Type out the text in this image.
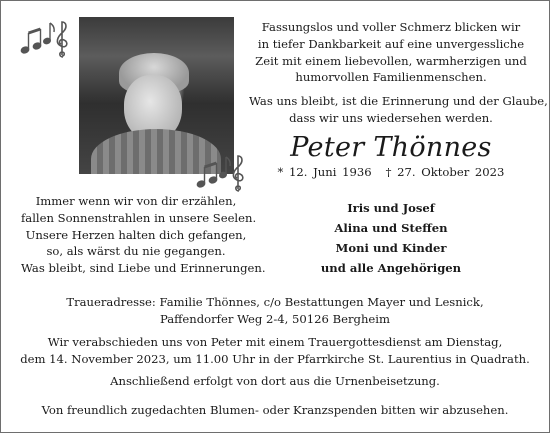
Fassungslos und voller Schmerz blicken wir
in tiefer Dankbarkeit auf eine unvergessliche
Zeit mit einem liebevollen, warmherzigen und
humorvollen Familienmenschen.
Was uns bleibt, ist die Erinnerung und der Glaube,
dass wir uns wiedersehen werden.
Peter Thönnes
* 12. Juni 1936 † 27. Oktober 2023
Immer wenn wir von dir erzählen,
fallen Sonnenstrahlen in unsere Seelen.
Unsere Herzen halten dich gefangen,
so, als wärst du nie gegangen.
Was bleibt, sind Liebe und Erinnerungen.
Iris und Josef
Alina und Steffen
Moni und Kinder
und alle Angehörigen
Traueradresse: Familie Thönnes, c/o Bestattungen Mayer und Lesnick,
Paffendorfer Weg 2-4, 50126 Bergheim
Wir verabschieden uns von Peter mit einem Trauergottesdienst am Dienstag,
dem 14. November 2023, um 11.00 Uhr in der Pfarrkirche St. Laurentius in Quadrath.
Anschließend erfolgt von dort aus die Urnenbeisetzung.
Von freundlich zugedachten Blumen- oder Kranzspenden bitten wir abzusehen.
